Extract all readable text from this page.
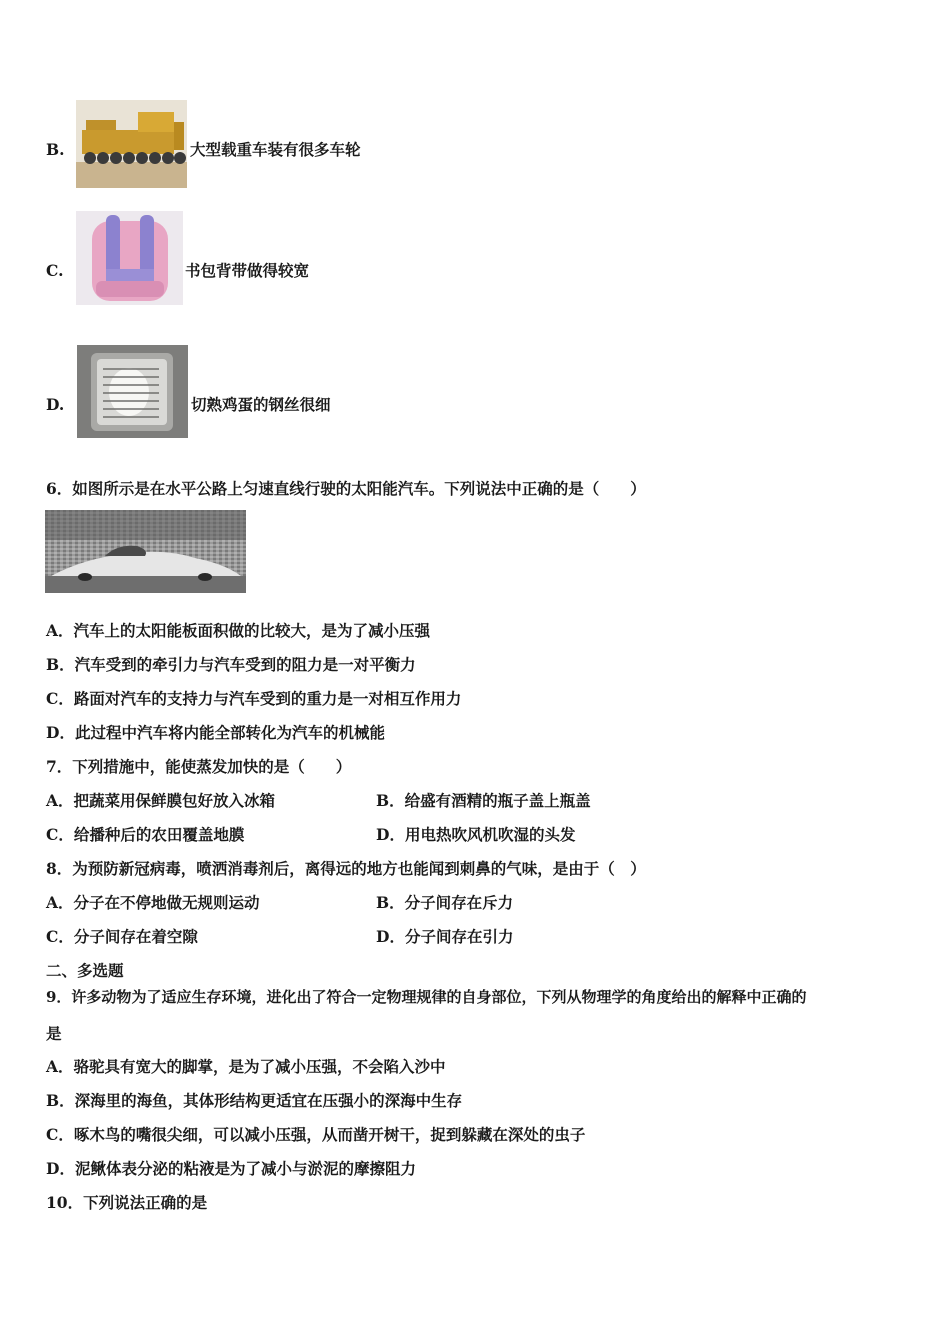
B.	大型载重车装有很多车轮
C.	书包背带做得较宽
D.	切熟鸡蛋的钢丝很细
6．如图所示是在水平公路上匀速直线行驶的太阳能汽车。下列说法中正确的是（　　）
A．汽车上的太阳能板面积做的比较大，是为了减小压强
B．汽车受到的牵引力与汽车受到的阻力是一对平衡力
C．路面对汽车的支持力与汽车受到的重力是一对相互作用力
D．此过程中汽车将内能全部转化为汽车的机械能
7．下列措施中，能使蒸发加快的是（　　）
A．把蔬菜用保鲜膜包好放入冰箱	B．给盛有酒精的瓶子盖上瓶盖
C．给播种后的农田覆盖地膜	D．用电热吹风机吹湿的头发
8．为预防新冠病毒，喷洒消毒剂后，离得远的地方也能闻到刺鼻的气味，是由于（　）
A．分子在不停地做无规则运动	B．分子间存在斥力
C．分子间存在着空隙	D．分子间存在引力
二、多选题
9．许多动物为了适应生存环境，进化出了符合一定物理规律的自身部位，下列从物理学的角度给出的解释中正确的
是
A．骆驼具有宽大的脚掌，是为了减小压强，不会陷入沙中
B．深海里的海鱼，其体形结构更适宜在压强小的深海中生存
C．啄木鸟的嘴很尖细，可以减小压强，从而凿开树干，捉到躲藏在深处的虫子
D．泥鳅体表分泌的粘液是为了减小与淤泥的摩擦阻力
10．下列说法正确的是
